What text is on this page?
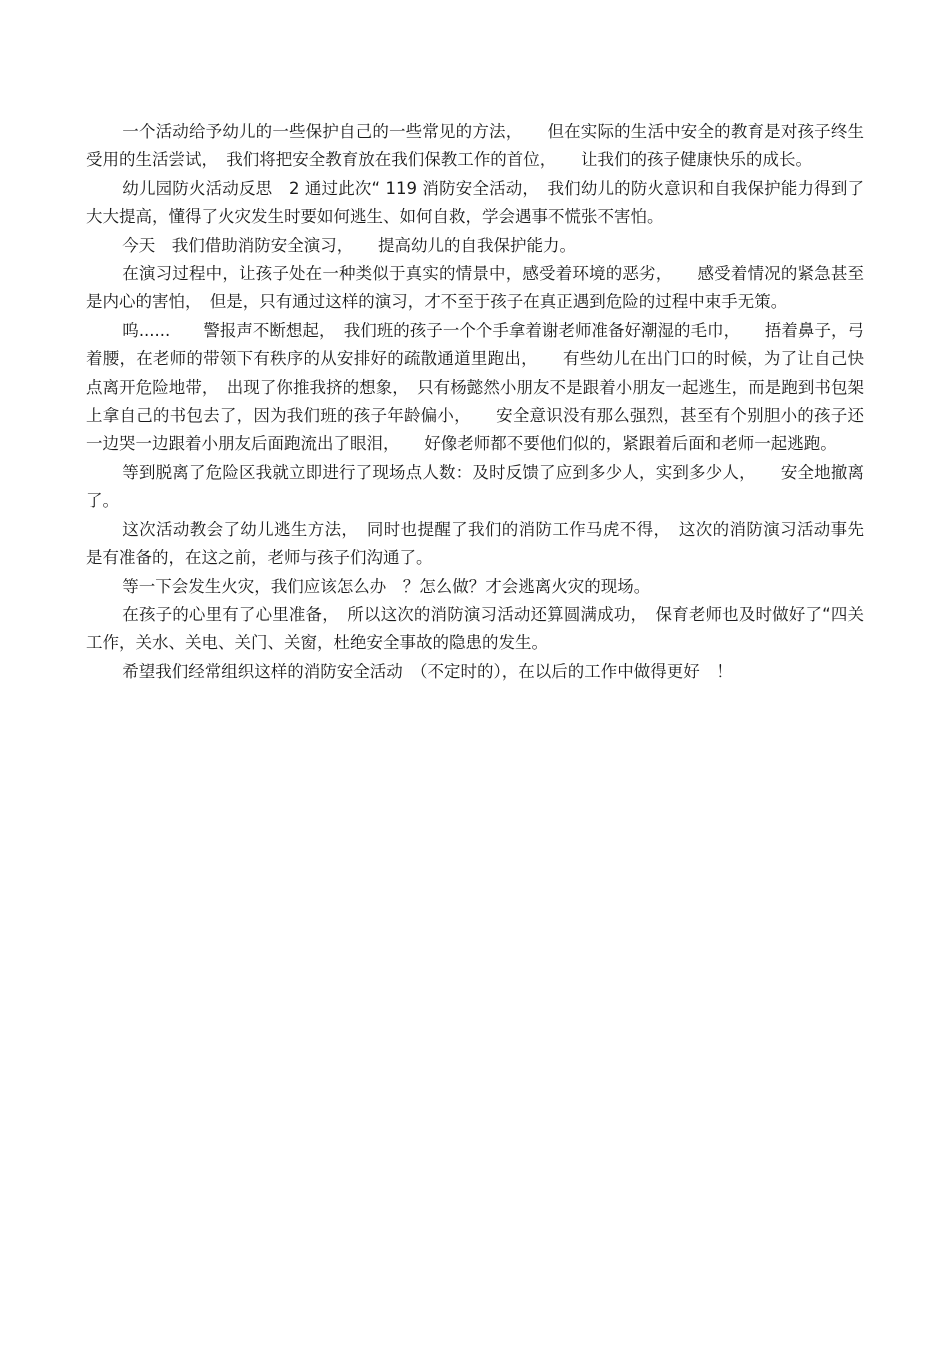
一个活动给予幼儿的一些保护自己的一些常见的方法，　　但在实际的生活中安全的教育是对孩子终生受用的生活尝试，　我们将把安全教育放在我们保教工作的首位，　　让我们的孩子健康快乐的成长。

幼儿园防火活动反思　2 通过此次“ 119 消防安全活动，　我们幼儿的防火意识和自我保护能力得到了大大提高，懂得了火灾发生时要如何逃生、如何自救，学会遇事不慌张不害怕。

今天　我们借助消防安全演习，　　提高幼儿的自我保护能力。

在演习过程中，让孩子处在一种类似于真实的情景中，感受着环境的恶劣，　　感受着情况的紧急甚至是内心的害怕，　但是，只有通过这样的演习，才不至于孩子在真正遇到危险的过程中束手无策。

呜......　　警报声不断想起，　我们班的孩子一个个手拿着谢老师准备好潮湿的毛巾，　　捂着鼻子，弓着腰，在老师的带领下有秩序的从安排好的疏散通道里跑出，　　有些幼儿在出门口的时候，为了让自己快点离开危险地带，　出现了你推我挤的想象，　只有杨懿然小朋友不是跟着小朋友一起逃生，而是跑到书包架上拿自己的书包去了，因为我们班的孩子年龄偏小，　　安全意识没有那么强烈，甚至有个别胆小的孩子还一边哭一边跟着小朋友后面跑流出了眼泪，　　好像老师都不要他们似的，紧跟着后面和老师一起逃跑。

等到脱离了危险区我就立即进行了现场点人数：及时反馈了应到多少人，实到多少人，　　安全地撤离了。

这次活动教会了幼儿逃生方法，　同时也提醒了我们的消防工作马虎不得，　这次的消防演习活动事先是有准备的，在这之前，老师与孩子们沟通了。

等一下会发生火灾，我们应该怎么办　？怎么做？才会逃离火灾的现场。

在孩子的心里有了心里准备，　所以这次的消防演习活动还算圆满成功，　保育老师也及时做好了“四关工作，关水、关电、关门、关窗，杜绝安全事故的隐患的发生。

希望我们经常组织这样的消防安全活动　（不定时的），在以后的工作中做得更好　！
